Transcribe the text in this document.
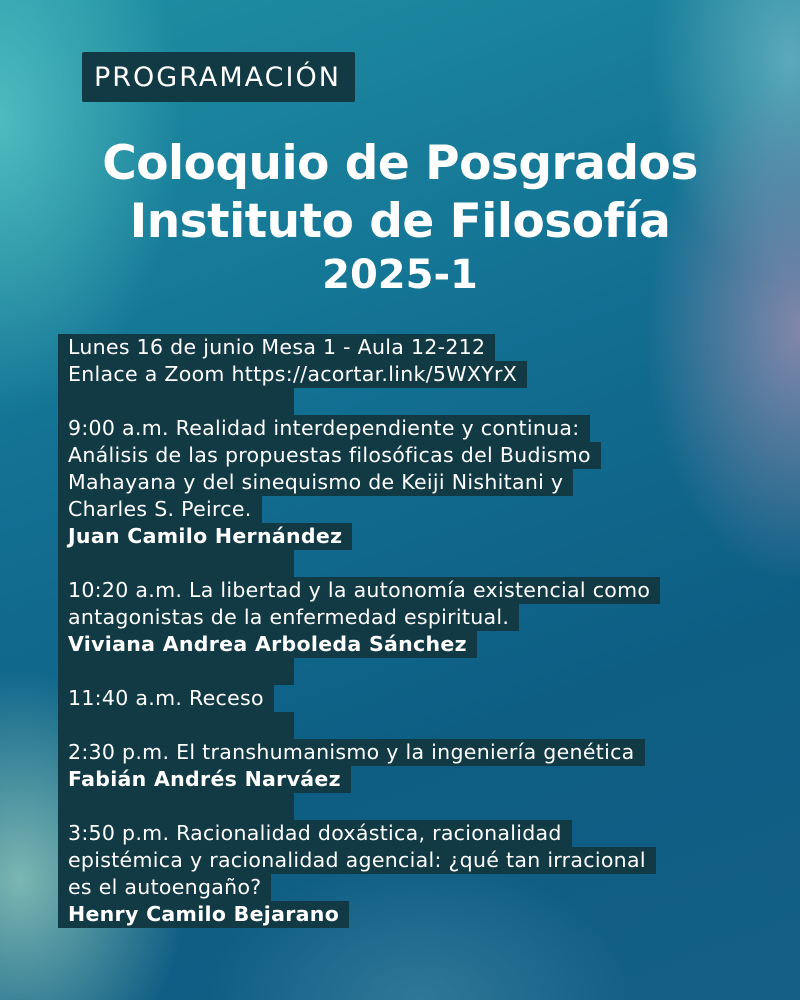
PROGRAMACIÓN
Coloquio de Posgrados
Instituto de Filosofía
2025-1
Lunes 16 de junio Mesa 1 - Aula 12-212
Enlace a Zoom https://acortar.link/5WXYrX
9:00 a.m. Realidad interdependiente y continua:
Análisis de las propuestas filosóficas del Budismo
Mahayana y del sinequismo de Keiji Nishitani y
Charles S. Peirce.
Juan Camilo Hernández
10:20 a.m. La libertad y la autonomía existencial como
antagonistas de la enfermedad espiritual.
Viviana Andrea Arboleda Sánchez
11:40 a.m. Receso
2:30 p.m. El transhumanismo y la ingeniería genética
Fabián Andrés Narváez
3:50 p.m. Racionalidad doxástica, racionalidad
epistémica y racionalidad agencial: ¿qué tan irracional
es el autoengaño?
Henry Camilo Bejarano
